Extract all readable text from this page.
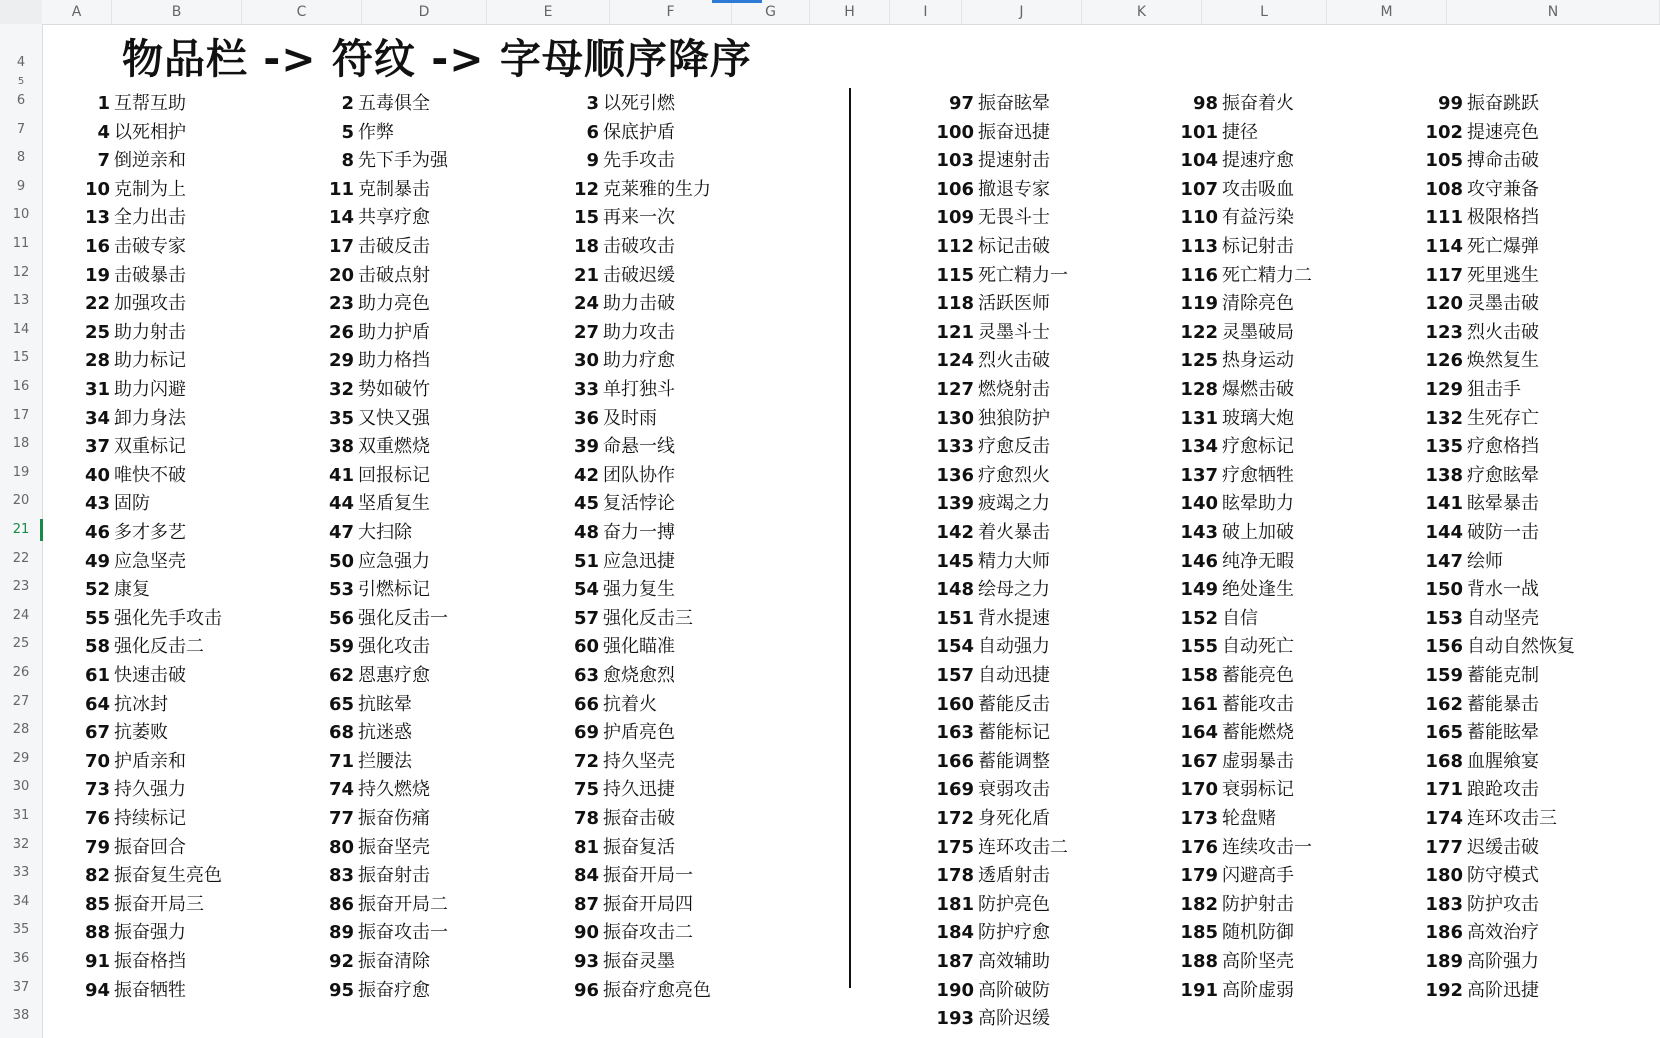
A	B	C	D	E	F	G	H	I	J	K	L	M	N
4
5
6
7
8
9
10
11
12
13
14
15
16
17
18
19
20
21
22
23
24
25
26
27
28
29
30
31
32
33
34
35
36
37
38
物品栏 -> 符纹 -> 字母顺序降序
1 互帮互助	2 五毒俱全	3 以死引燃
4 以死相护	5 作弊	6 保底护盾
7 倒逆亲和	8 先下手为强	9 先手攻击
10 克制为上	11 克制暴击	12 克莱雅的生力
13 全力出击	14 共享疗愈	15 再来一次
16 击破专家	17 击破反击	18 击破攻击
19 击破暴击	20 击破点射	21 击破迟缓
22 加强攻击	23 助力亮色	24 助力击破
25 助力射击	26 助力护盾	27 助力攻击
28 助力标记	29 助力格挡	30 助力疗愈
31 助力闪避	32 势如破竹	33 单打独斗
34 卸力身法	35 又快又强	36 及时雨
37 双重标记	38 双重燃烧	39 命悬一线
40 唯快不破	41 回报标记	42 团队协作
43 固防	44 坚盾复生	45 复活悖论
46 多才多艺	47 大扫除	48 奋力一搏
49 应急坚壳	50 应急强力	51 应急迅捷
52 康复	53 引燃标记	54 强力复生
55 强化先手攻击	56 强化反击一	57 强化反击三
58 强化反击二	59 强化攻击	60 强化瞄准
61 快速击破	62 恩惠疗愈	63 愈烧愈烈
64 抗冰封	65 抗眩晕	66 抗着火
67 抗萎败	68 抗迷惑	69 护盾亮色
70 护盾亲和	71 拦腰法	72 持久坚壳
73 持久强力	74 持久燃烧	75 持久迅捷
76 持续标记	77 振奋伤痛	78 振奋击破
79 振奋回合	80 振奋坚壳	81 振奋复活
82 振奋复生亮色	83 振奋射击	84 振奋开局一
85 振奋开局三	86 振奋开局二	87 振奋开局四
88 振奋强力	89 振奋攻击一	90 振奋攻击二
91 振奋格挡	92 振奋清除	93 振奋灵墨
94 振奋牺牲	95 振奋疗愈	96 振奋疗愈亮色
97 振奋眩晕	98 振奋着火	99 振奋跳跃
100 振奋迅捷	101 捷径	102 提速亮色
103 提速射击	104 提速疗愈	105 搏命击破
106 撤退专家	107 攻击吸血	108 攻守兼备
109 无畏斗士	110 有益污染	111 极限格挡
112 标记击破	113 标记射击	114 死亡爆弹
115 死亡精力一	116 死亡精力二	117 死里逃生
118 活跃医师	119 清除亮色	120 灵墨击破
121 灵墨斗士	122 灵墨破局	123 烈火击破
124 烈火击破	125 热身运动	126 焕然复生
127 燃烧射击	128 爆燃击破	129 狙击手
130 独狼防护	131 玻璃大炮	132 生死存亡
133 疗愈反击	134 疗愈标记	135 疗愈格挡
136 疗愈烈火	137 疗愈牺牲	138 疗愈眩晕
139 疲竭之力	140 眩晕助力	141 眩晕暴击
142 着火暴击	143 破上加破	144 破防一击
145 精力大师	146 纯净无暇	147 绘师
148 绘母之力	149 绝处逢生	150 背水一战
151 背水提速	152 自信	153 自动坚壳
154 自动强力	155 自动死亡	156 自动自然恢复
157 自动迅捷	158 蓄能亮色	159 蓄能克制
160 蓄能反击	161 蓄能攻击	162 蓄能暴击
163 蓄能标记	164 蓄能燃烧	165 蓄能眩晕
166 蓄能调整	167 虚弱暴击	168 血腥飨宴
169 衰弱攻击	170 衰弱标记	171 踉跄攻击
172 身死化盾	173 轮盘赌	174 连环攻击三
175 连环攻击二	176 连续攻击一	177 迟缓击破
178 透盾射击	179 闪避高手	180 防守模式
181 防护亮色	182 防护射击	183 防护攻击
184 防护疗愈	185 随机防御	186 高效治疗
187 高效辅助	188 高阶坚壳	189 高阶强力
190 高阶破防	191 高阶虚弱	192 高阶迅捷
193 高阶迟缓
